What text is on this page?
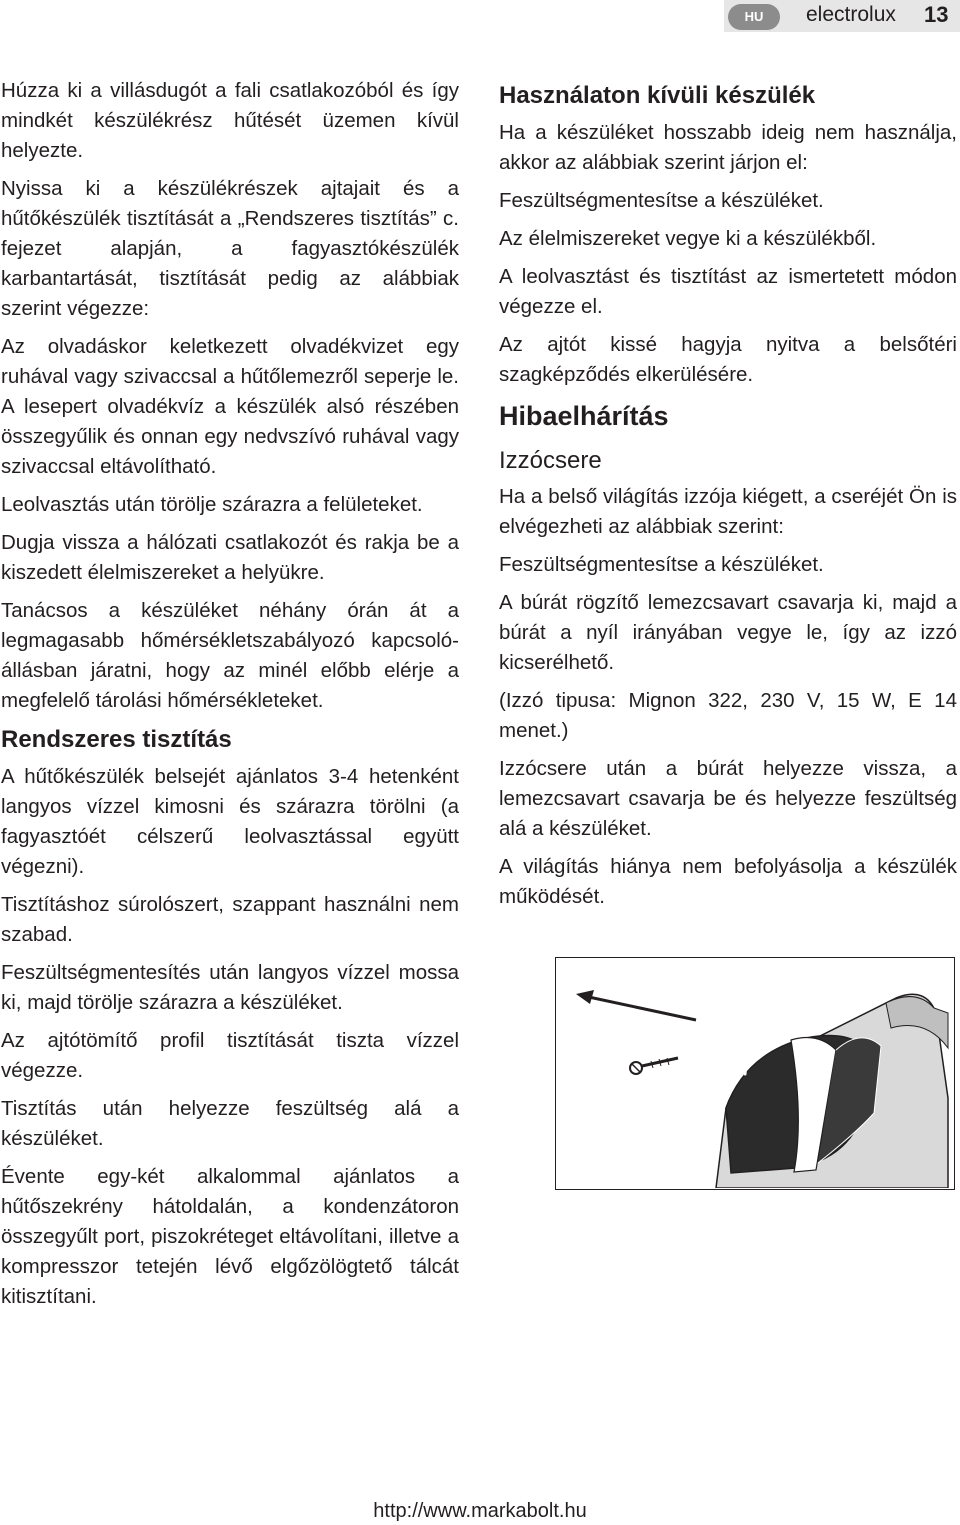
HU	electrolux 13

Húzza ki a villásdugót a fali csatlakozóból és így mindkét készülékrész hűtését üzemen kívül helyezte.

Nyissa ki a készülékrészek ajtajait és a hűtőkészülék tisztítását a „Rendszeres tisztítás” c. fejezet alapján, a fagyasztókészülék karbantartását, tisztítását pedig az alábbiak szerint végezze:

Az olvadáskor keletkezett olvadékvizet egy ruhával vagy szivaccsal a hűtőlemezről seperje le. A lesepert olvadékvíz a készülék alsó részében összegyűlik és onnan egy nedvszívó ruhával vagy szivaccsal eltávolítható.

Leolvasztás után törölje szárazra a felületeket.

Dugja vissza a hálózati csatlakozót és rakja be a kiszedett élelmiszereket a helyükre.

Tanácsos a készüléket néhány órán át a legmagasabb hőmérsékletszabályozó kapcsoló-állásban járatni, hogy az minél előbb elérje a megfelelő tárolási hőmérsékleteket.

Rendszeres tisztítás

A hűtőkészülék belsejét ajánlatos 3-4 hetenként langyos vízzel kimosni és szárazra törölni (a fagyasztóét célszerű leolvasztással együtt végezni).

Tisztításhoz súrolószert, szappant használni nem szabad.

Feszültségmentesítés után langyos vízzel mossa ki, majd törölje szárazra a készüléket.

Az ajtótömítő profil tisztítását tiszta vízzel végezze.

Tisztítás után helyezze feszültség alá a készüléket.

Évente egy-két alkalommal ajánlatos a hűtőszekrény hátoldalán, a kondenzátoron összegyűlt port, piszokréteget eltávolítani, illetve a kompresszor tetején lévő elgőzölögtető tálcát kitisztítani.

Használaton kívüli készülék

Ha a készüléket hosszabb ideig nem használja, akkor az alábbiak szerint járjon el:

Feszültségmentesítse a készüléket.

Az élelmiszereket vegye ki a készülékből.

A leolvasztást és tisztítást az ismertetett módon végezze el.

Az ajtót kissé hagyja nyitva a belsőtéri szagképződés elkerülésére.

Hibaelhárítás
Izzócsere

Ha a belső világítás izzója kiégett, a cseréjét Ön is elvégezheti az alábbiak szerint:

Feszültségmentesítse a készüléket.

A búrát rögzítő lemezcsavart csavarja ki, majd a búrát a nyíl irányában vegye le, így az izzó kicserélhető.

(Izzó tipusa: Mignon 322, 230 V, 15 W, E 14 menet.)

Izzócsere után a búrát helyezze vissza, a lemezcsavart csavarja be és helyezze feszültség alá a készüléket.

A világítás hiánya nem befolyásolja a készülék működését.

MAX.15 W
http://www.markabolt.hu
